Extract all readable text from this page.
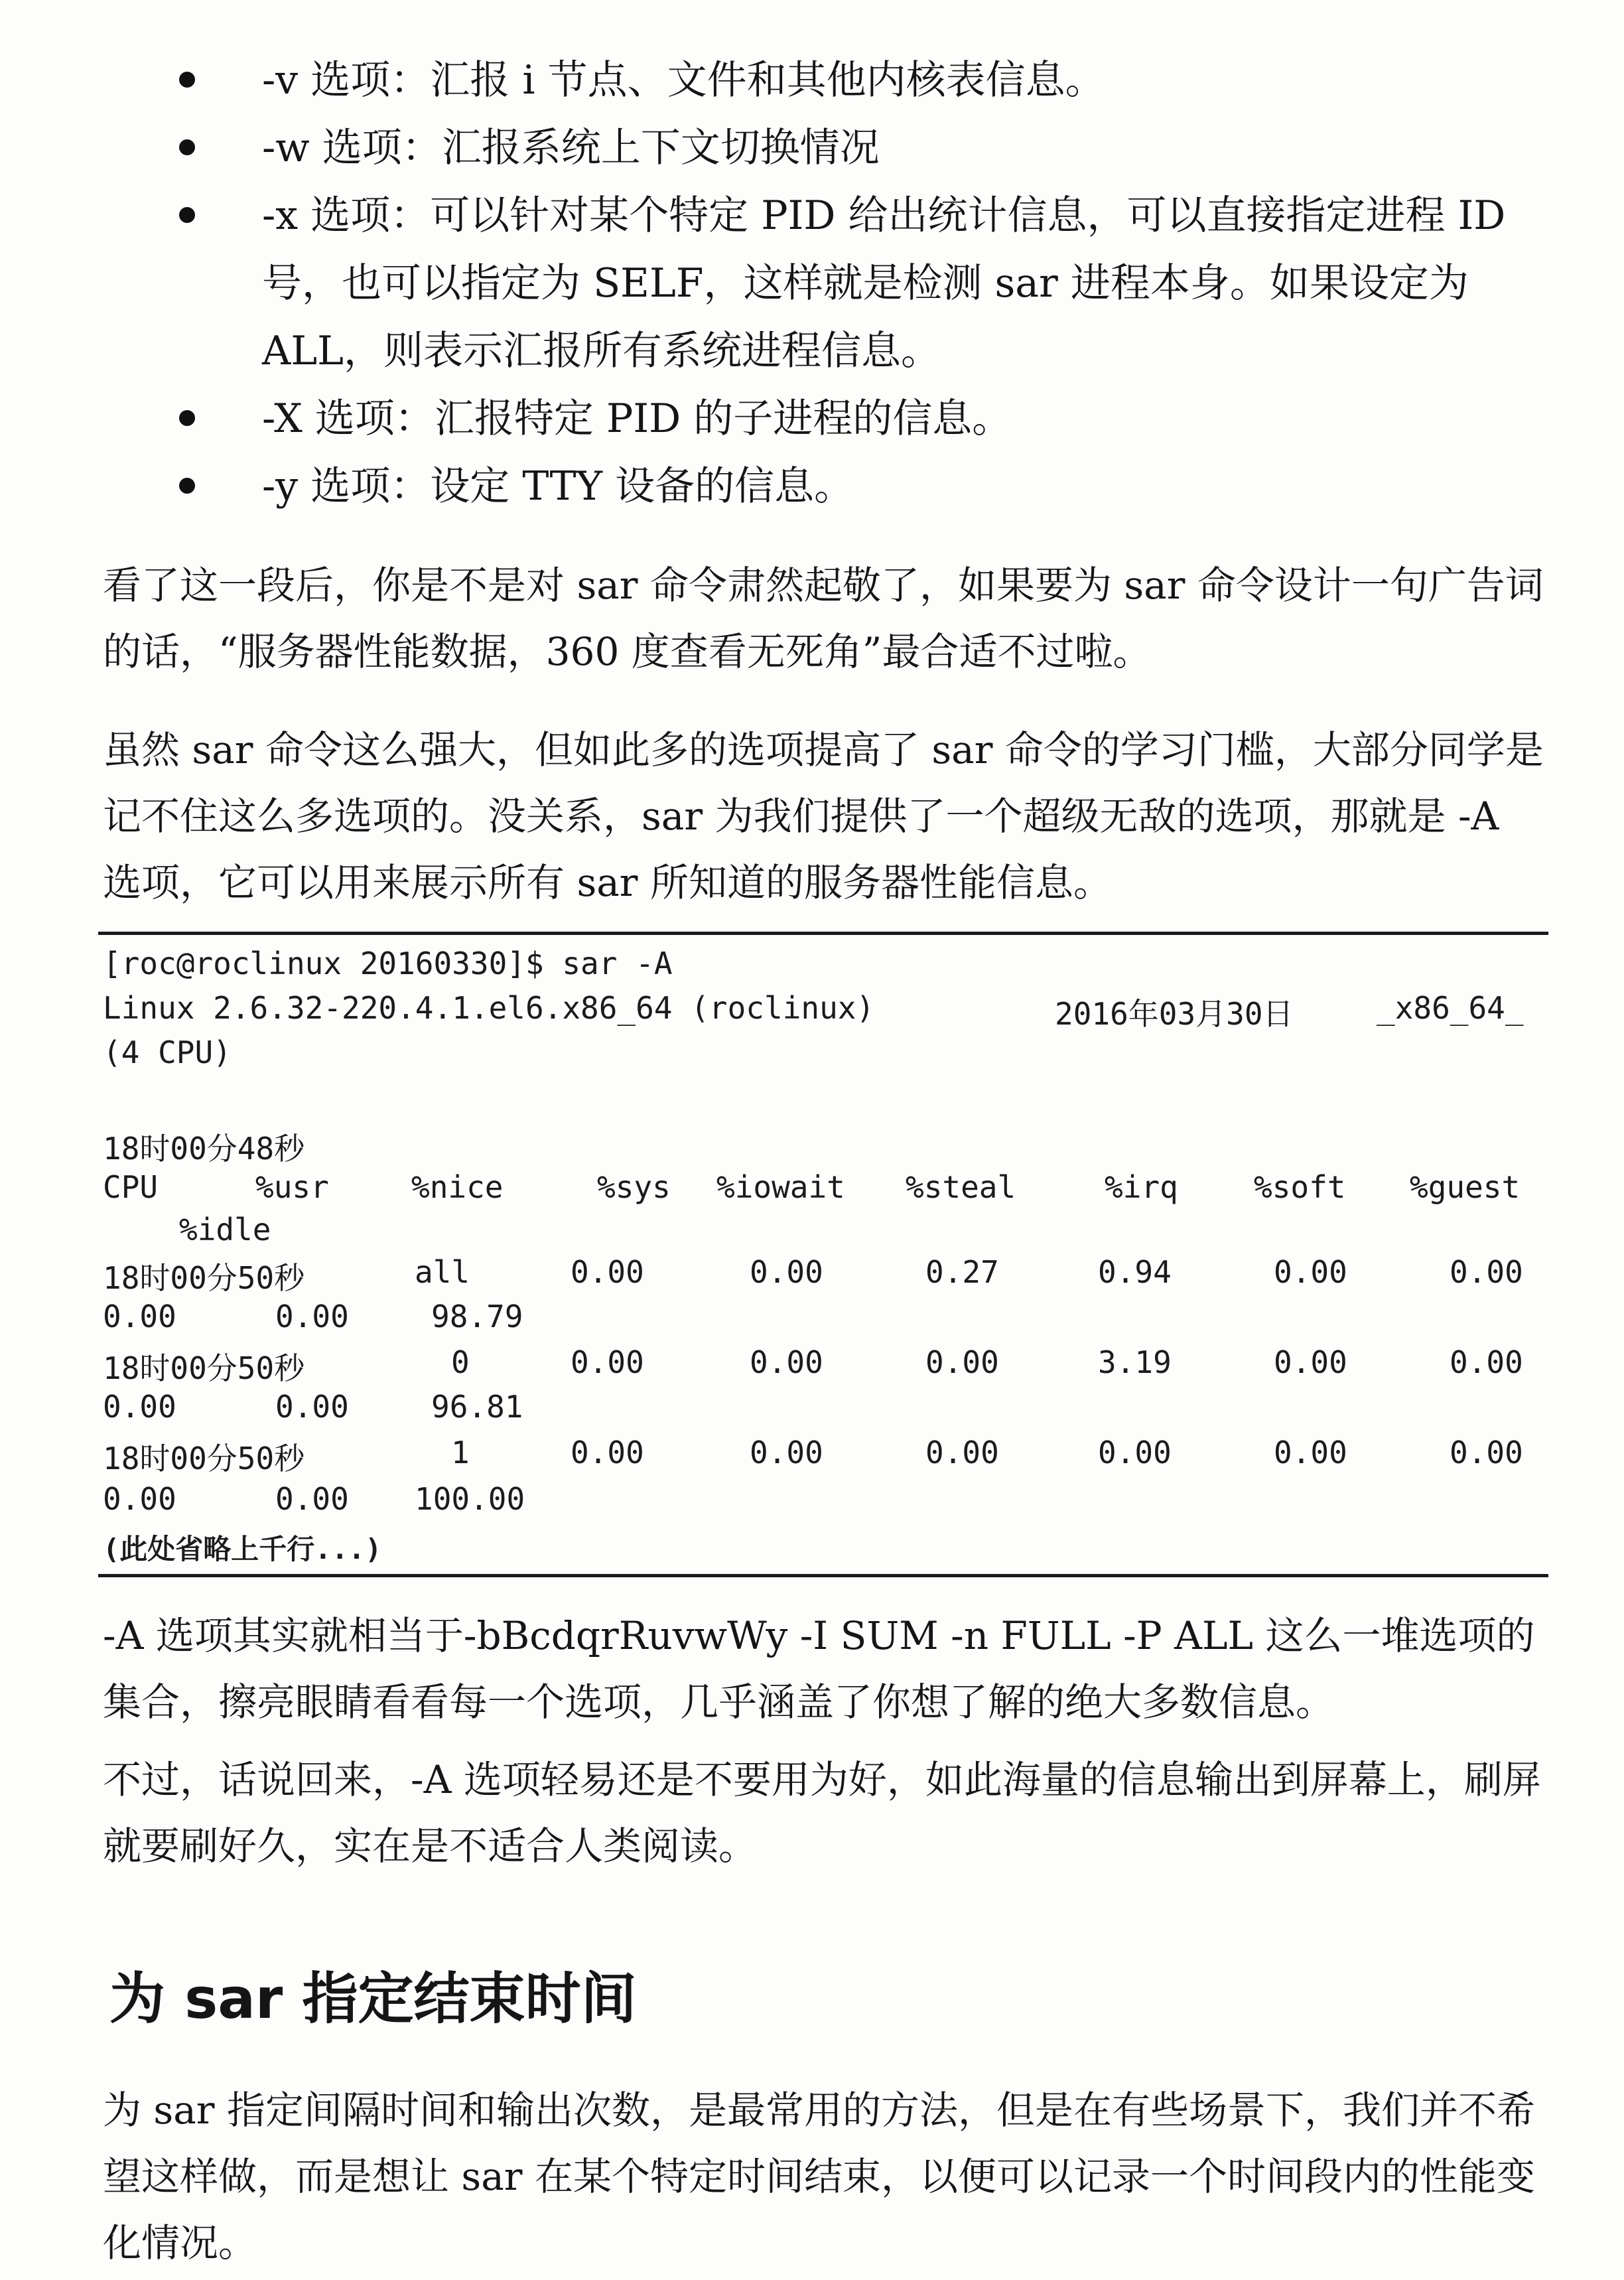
-v 选项：汇报 i 节点、文件和其他内核表信息。
-w 选项：汇报系统上下文切换情况
-x 选项：可以针对某个特定 PID 给出统计信息，可以直接指定进程 ID 号，也可以指定为 SELF，这样就是检测 sar 进程本身。如果设定为 ALL，则表示汇报所有系统进程信息。
-X 选项：汇报特定 PID 的子进程的信息。
-y 选项：设定 TTY 设备的信息。

看了这一段后，你是不是对 sar 命令肃然起敬了，如果要为 sar 命令设计一句广告词的话，“服务器性能数据，360 度查看无死角”最合适不过啦。

虽然 sar 命令这么强大，但如此多的选项提高了 sar 命令的学习门槛，大部分同学是记不住这么多选项的。没关系，sar 为我们提供了一个超级无敌的选项，那就是 -A 选项，它可以用来展示所有 sar 所知道的服务器性能信息。

[roc@roclinux 20160330]$ sar -A
Linux 2.6.32-220.4.1.el6.x86_64 (roclinux)	2016年03月30日	_x86_64_
(4 CPU)
18时00分48秒
CPU	%usr	%nice	%sys %iowait %steal	%irq %soft %guest
%idle
18时00分50秒	all	0.00	0.00	0.27	0.94	0.00	0.00
0.00	0.00	98.79
18时00分50秒	0	0.00	0.00	0.00	3.19	0.00	0.00
0.00	0.00	96.81
18时00分50秒	1	0.00	0.00	0.00	0.00	0.00	0.00
0.00	0.00 100.00
(此处省略上千行...)

-A 选项其实就相当于-bBcdqrRuvwWy -I SUM -n FULL -P ALL 这么一堆选项的集合，擦亮眼睛看看每一个选项，几乎涵盖了你想了解的绝大多数信息。

不过，话说回来，-A 选项轻易还是不要用为好，如此海量的信息输出到屏幕上，刷屏就要刷好久，实在是不适合人类阅读。

为 sar 指定结束时间

为 sar 指定间隔时间和输出次数，是最常用的方法，但是在有些场景下，我们并不希望这样做，而是想让 sar 在某个特定时间结束，以便可以记录一个时间段内的性能变化情况。
